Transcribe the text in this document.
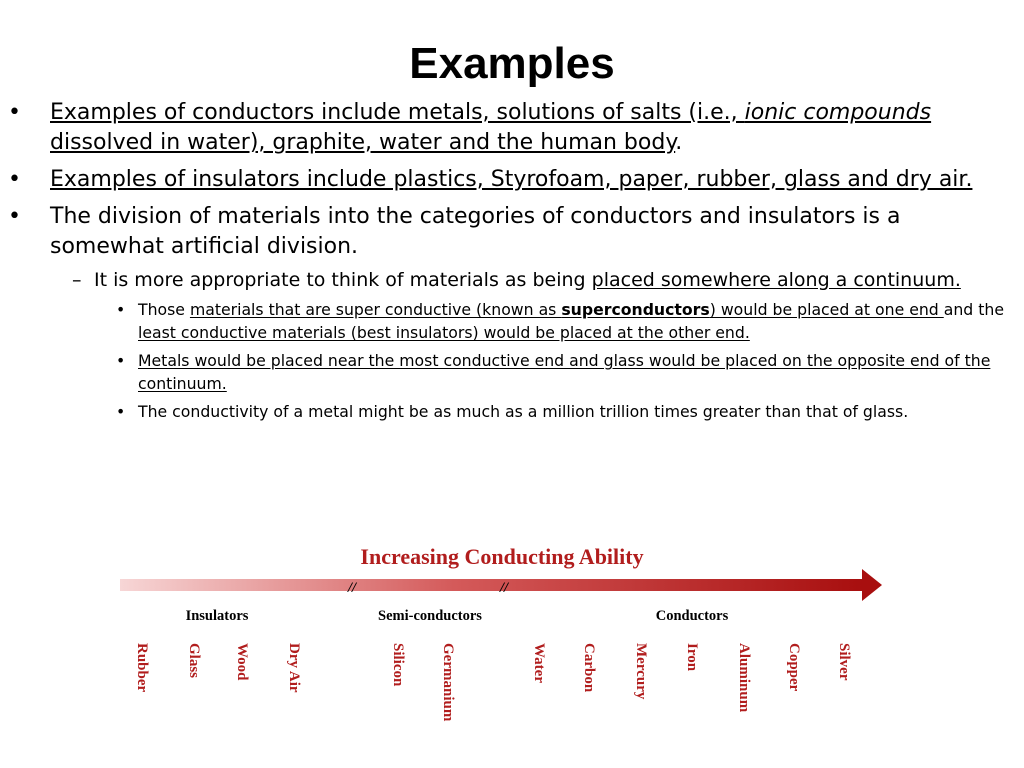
Examples
• Examples of conductors include metals, solutions of salts (i.e., ionic compounds dissolved in water), graphite, water and the human body.
• Examples of insulators include plastics, Styrofoam, paper, rubber, glass and dry air.
• The division of materials into the categories of conductors and insulators is a somewhat artificial division.
– It is more appropriate to think of materials as being placed somewhere along a continuum.
• Those materials that are super conductive (known as superconductors) would be placed at one end and the least conductive materials (best insulators) would be placed at the other end.
• Metals would be placed near the most conductive end and glass would be placed on the opposite end of the continuum.
• The conductivity of a metal might be as much as a million trillion times greater than that of glass.
Increasing Conducting Ability
//	//
Insulators	Semi-conductors	Conductors
Rubber Glass Wood Dry Air	Silicon Germanium	Water Carbon Mercury Iron Aluminum Copper Silver
